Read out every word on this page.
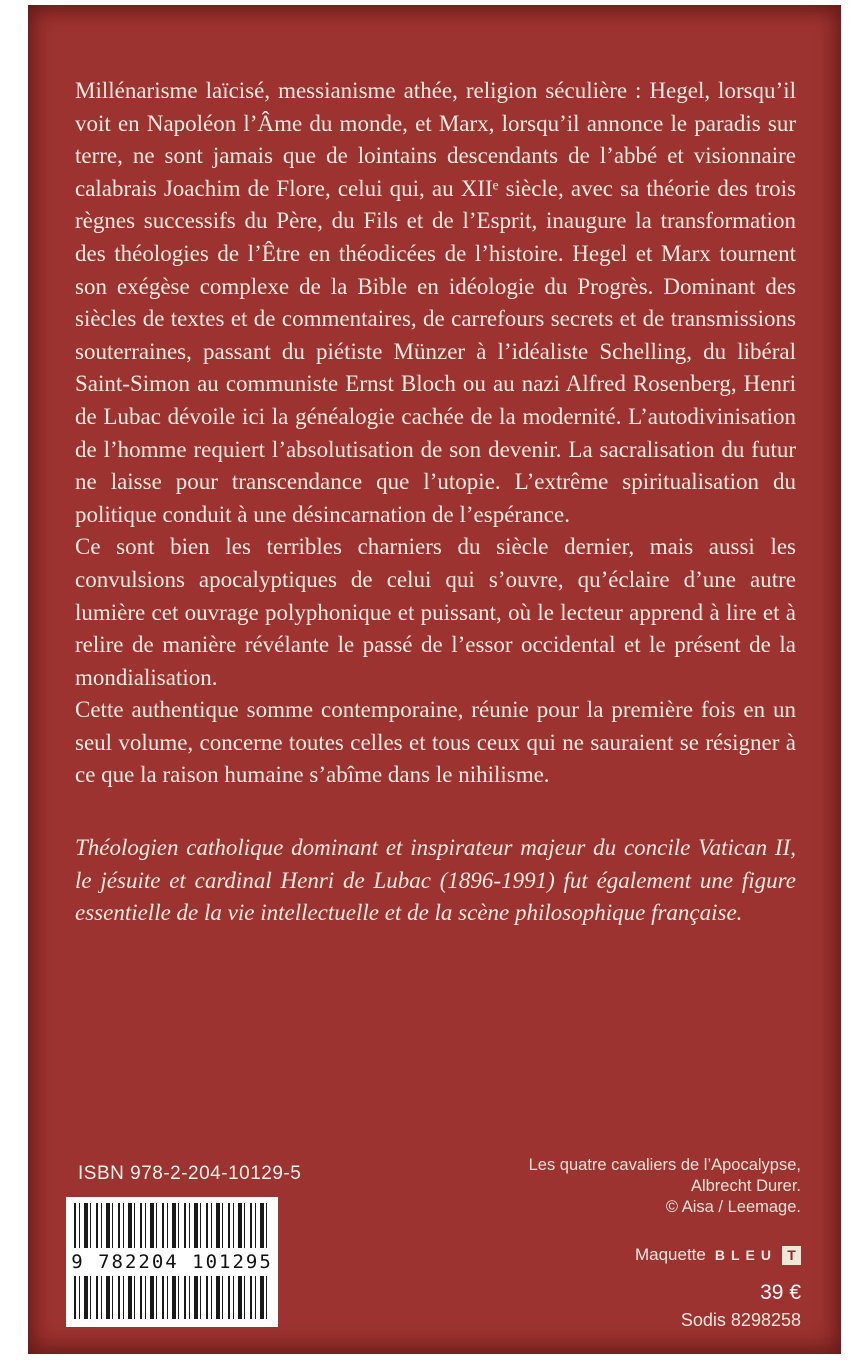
Millénarisme laïcisé, messianisme athée, religion séculière : Hegel, lorsqu’il voit en Napoléon l’Âme du monde, et Marx, lorsqu’il annonce le paradis sur terre, ne sont jamais que de lointains descendants de l’abbé et visionnaire calabrais Joachim de Flore, celui qui, au XIIᵉ siècle, avec sa théorie des trois règnes successifs du Père, du Fils et de l’Esprit, inaugure la transformation des théologies de l’Être en théodicées de l’histoire. Hegel et Marx tournent son exégèse complexe de la Bible en idéologie du Progrès. Dominant des siècles de textes et de commentaires, de carrefours secrets et de transmissions souterraines, passant du piétiste Münzer à l’idéaliste Schelling, du libéral Saint-Simon au communiste Ernst Bloch ou au nazi Alfred Rosenberg, Henri de Lubac dévoile ici la généalogie cachée de la modernité. L’autodivinisation de l’homme requiert l’absolutisation de son devenir. La sacralisation du futur ne laisse pour transcendance que l’utopie. L’extrême spiritualisation du politique conduit à une désincarnation de l’espérance.

Ce sont bien les terribles charniers du siècle dernier, mais aussi les convulsions apocalyptiques de celui qui s’ouvre, qu’éclaire d’une autre lumière cet ouvrage polyphonique et puissant, où le lecteur apprend à lire et à relire de manière révélante le passé de l’essor occidental et le présent de la mondialisation.

Cette authentique somme contemporaine, réunie pour la première fois en un seul volume, concerne toutes celles et tous ceux qui ne sauraient se résigner à ce que la raison humaine s’abîme dans le nihilisme.

Théologien catholique dominant et inspirateur majeur du concile Vatican II, le jésuite et cardinal Henri de Lubac (1896-1991) fut également une figure essentielle de la vie intellectuelle et de la scène philosophique française.

ISBN 978-2-204-10129-5
9 782204 101295
Les quatre cavaliers de l’Apocalypse,
Albrecht Durer.
© Aisa / Leemage.
Maquette BLEU T
39 €
Sodis 8298258
